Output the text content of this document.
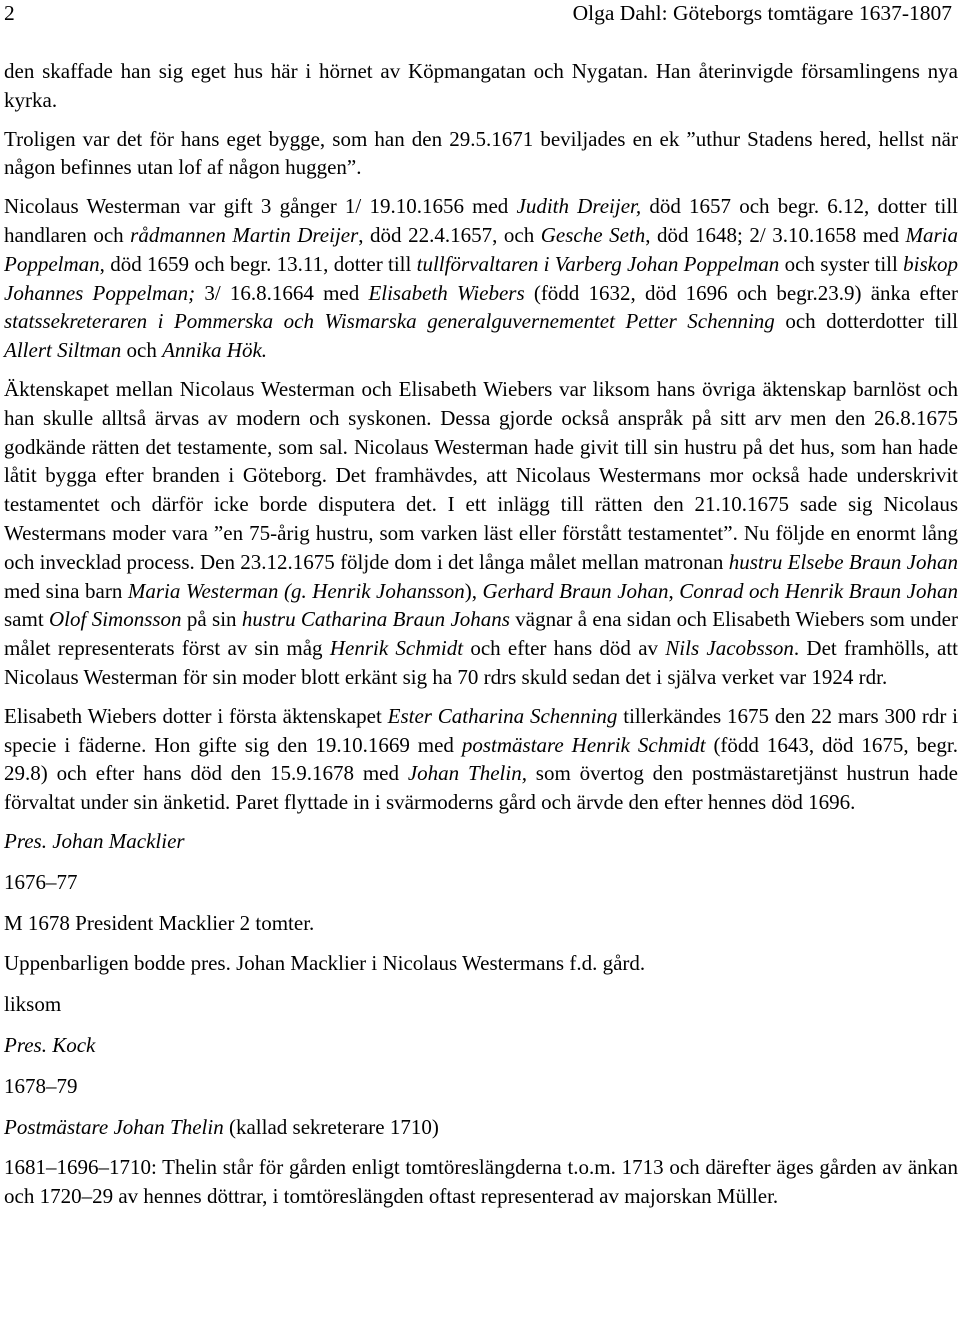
2	Olga Dahl: Göteborgs tomtägare 1637-1807

den skaffade han sig eget hus här i hörnet av Köpmangatan och Nygatan. Han återinvigde församlingens nya kyrka.

Troligen var det för hans eget bygge, som han den 29.5.1671 beviljades en ek ”uthur Stadens hered, hellst när någon befinnes utan lof af någon huggen”.

Nicolaus Westerman var gift 3 gånger 1/ 19.10.1656 med Judith Dreijer, död 1657 och begr. 6.12, dotter till handlaren och rådmannen Martin Dreijer, död 22.4.1657, och Gesche Seth, död 1648; 2/ 3.10.1658 med Maria Poppelman, död 1659 och begr. 13.11, dotter till tullförvaltaren i Varberg Johan Poppelman och syster till biskop Johannes Poppelman; 3/ 16.8.1664 med Elisabeth Wiebers (född 1632, död 1696 och begr.23.9) änka efter statssekreteraren i Pommerska och Wismarska generalguvernementet Petter Schenning och dotterdotter till Allert Siltman och Annika Hök.

Äktenskapet mellan Nicolaus Westerman och Elisabeth Wiebers var liksom hans övriga äktenskap barnlöst och han skulle alltså ärvas av modern och syskonen. Dessa gjorde också anspråk på sitt arv men den 26.8.1675 godkände rätten det testamente, som sal. Nicolaus Westerman hade givit till sin hustru på det hus, som han hade låtit bygga efter branden i Göteborg. Det framhävdes, att Nicolaus Westermans mor också hade underskrivit testamentet och därför icke borde disputera det. I ett inlägg till rätten den 21.10.1675 sade sig Nicolaus Westermans moder vara ”en 75-årig hustru, som varken läst eller förstått testamentet”. Nu följde en enormt lång och invecklad process. Den 23.12.1675 följde dom i det långa målet mellan matronan hustru Elsebe Braun Johan med sina barn Maria Westerman (g. Henrik Johansson), Gerhard Braun Johan, Conrad och Henrik Braun Johan samt Olof Simonsson på sin hustru Catharina Braun Johans vägnar å ena sidan och Elisabeth Wiebers som under målet representerats först av sin måg Henrik Schmidt och efter hans död av Nils Jacobsson. Det framhölls, att Nicolaus Westerman för sin moder blott erkänt sig ha 70 rdrs skuld sedan det i själva verket var 1924 rdr.

Elisabeth Wiebers dotter i första äktenskapet Ester Catharina Schenning tillerkändes 1675 den 22 mars 300 rdr i specie i fäderne. Hon gifte sig den 19.10.1669 med postmästare Henrik Schmidt (född 1643, död 1675, begr. 29.8) och efter hans död den 15.9.1678 med Johan Thelin, som övertog den postmästaretjänst hustrun hade förvaltat under sin änketid. Paret flyttade in i svärmoderns gård och ärvde den efter hennes död 1696.

Pres. Johan Macklier

1676–77

M 1678 President Macklier 2 tomter.

Uppenbarligen bodde pres. Johan Macklier i Nicolaus Westermans f.d. gård.

liksom

Pres. Kock

1678–79

Postmästare Johan Thelin (kallad sekreterare 1710)

1681–1696–1710: Thelin står för gården enligt tomtöreslängderna t.o.m. 1713 och därefter äges gården av änkan och 1720–29 av hennes döttrar, i tomtöreslängden oftast representerad av majorskan Müller.
